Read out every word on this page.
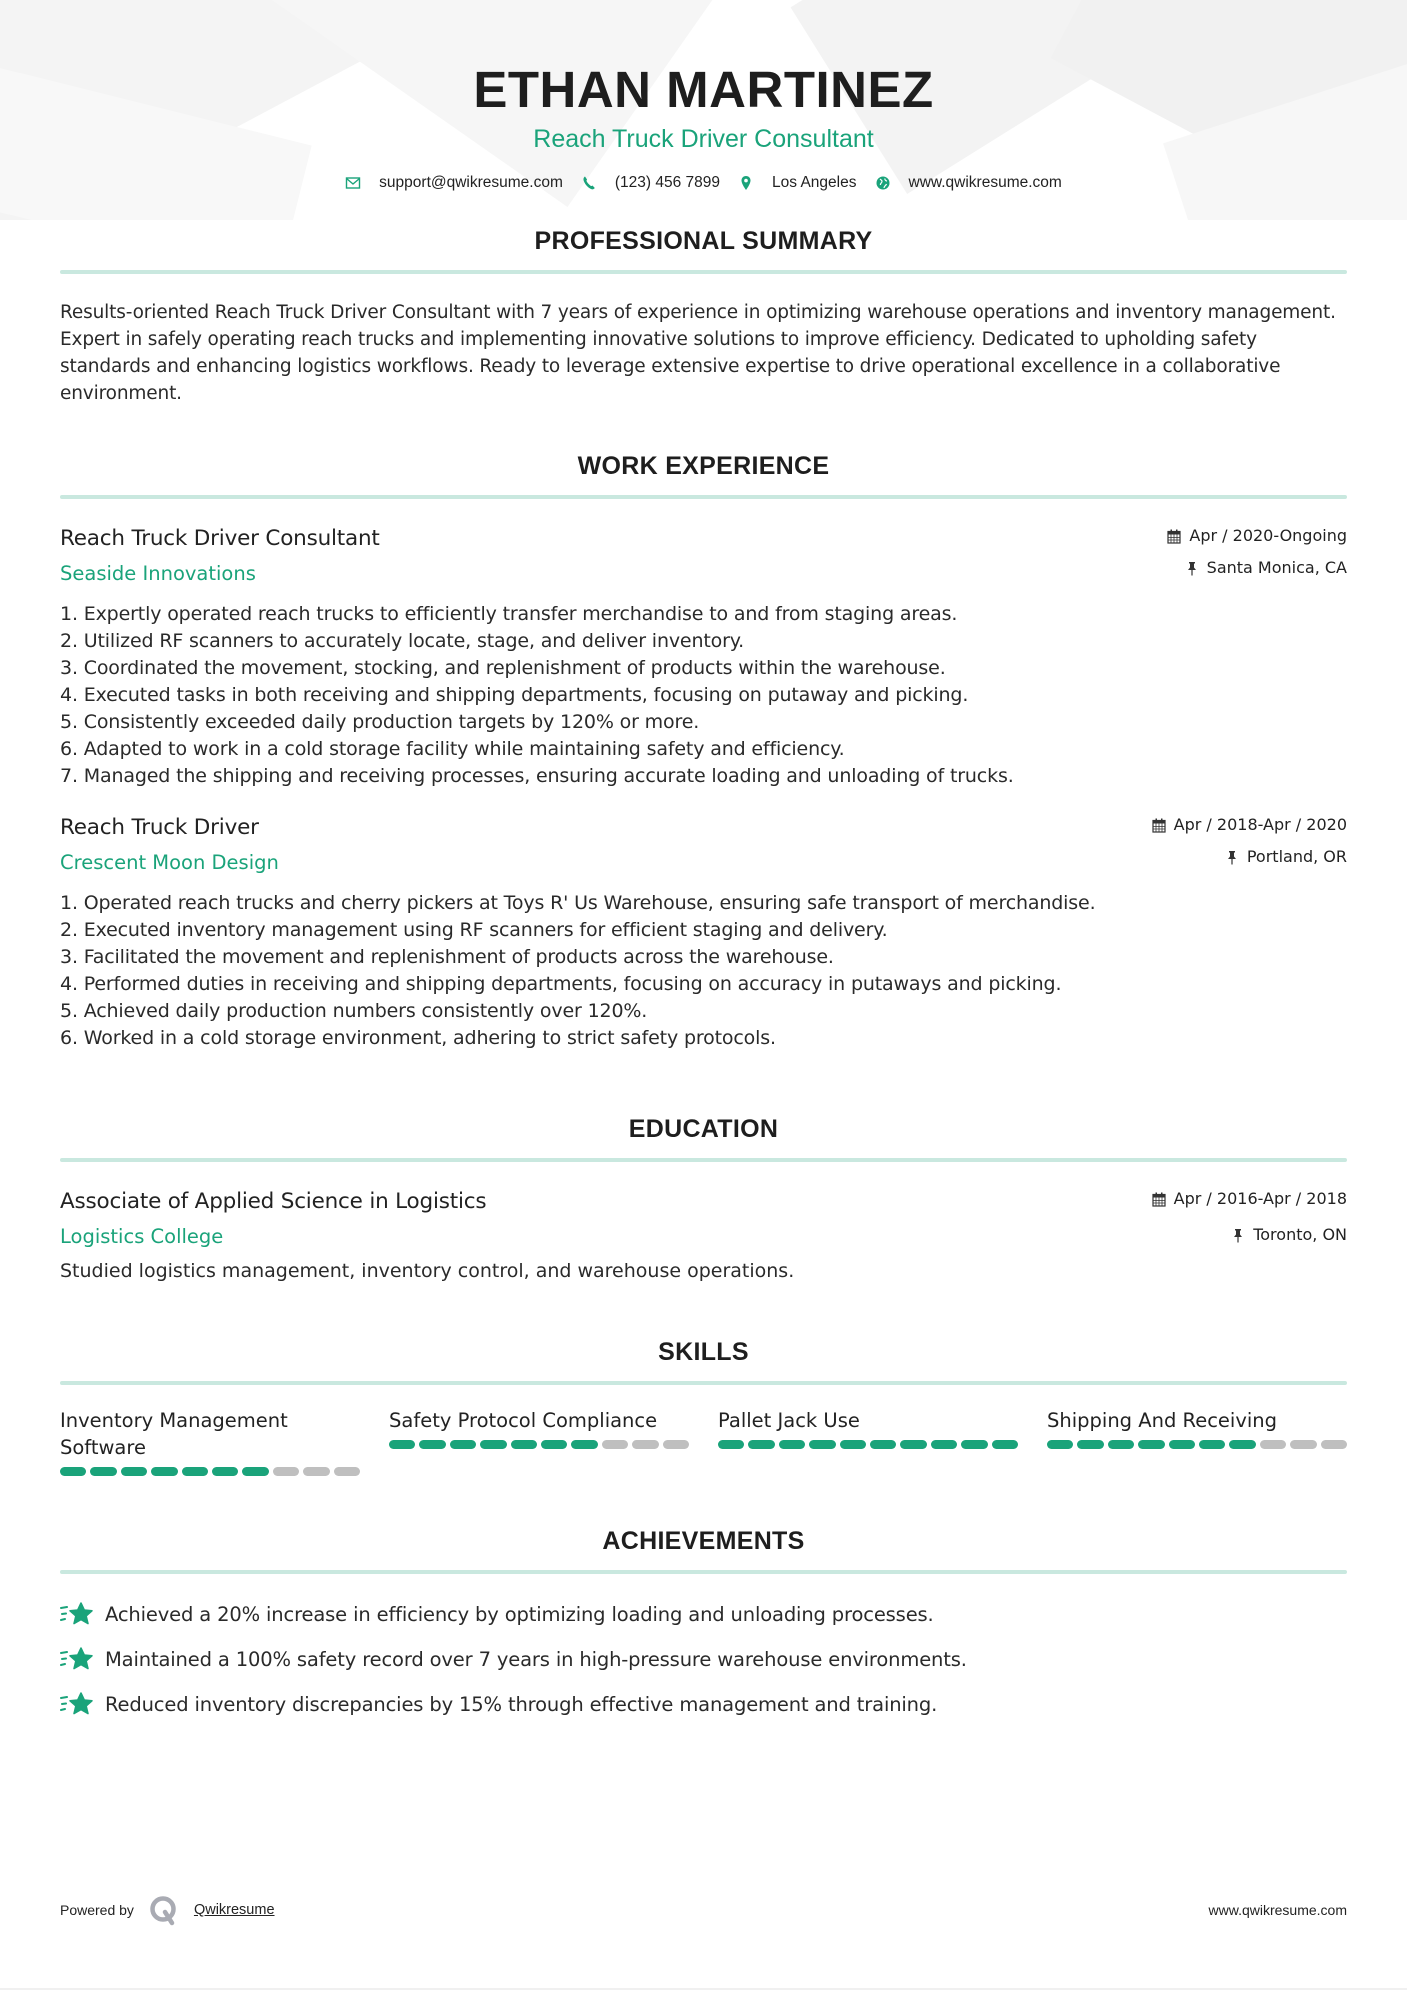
ETHAN MARTINEZ
Reach Truck Driver Consultant
support@qwikresume.com	(123) 456 7899	Los Angeles	www.qwikresume.com
PROFESSIONAL SUMMARY

Results-oriented Reach Truck Driver Consultant with 7 years of experience in optimizing warehouse operations and inventory management. Expert in safely operating reach trucks and implementing innovative solutions to improve efficiency. Dedicated to upholding safety standards and enhancing logistics workflows. Ready to leverage extensive expertise to drive operational excellence in a collaborative environment.

WORK EXPERIENCE
Reach Truck Driver Consultant
Seaside Innovations
Apr / 2020-Ongoing
Santa Monica, CA
1. Expertly operated reach trucks to efficiently transfer merchandise to and from staging areas.
2. Utilized RF scanners to accurately locate, stage, and deliver inventory.
3. Coordinated the movement, stocking, and replenishment of products within the warehouse.
4. Executed tasks in both receiving and shipping departments, focusing on putaway and picking.
5. Consistently exceeded daily production targets by 120% or more.
6. Adapted to work in a cold storage facility while maintaining safety and efficiency.
7. Managed the shipping and receiving processes, ensuring accurate loading and unloading of trucks.
Reach Truck Driver
Crescent Moon Design
Apr / 2018-Apr / 2020
Portland, OR
1. Operated reach trucks and cherry pickers at Toys R' Us Warehouse, ensuring safe transport of merchandise.
2. Executed inventory management using RF scanners for efficient staging and delivery.
3. Facilitated the movement and replenishment of products across the warehouse.
4. Performed duties in receiving and shipping departments, focusing on accuracy in putaways and picking.
5. Achieved daily production numbers consistently over 120%.
6. Worked in a cold storage environment, adhering to strict safety protocols.
EDUCATION
Associate of Applied Science in Logistics
Logistics College
Apr / 2016-Apr / 2018
Toronto, ON

Studied logistics management, inventory control, and warehouse operations.

SKILLS
Inventory Management Software
Safety Protocol Compliance	Pallet Jack Use	Shipping And Receiving
ACHIEVEMENTS
Achieved a 20% increase in efficiency by optimizing loading and unloading processes.
Maintained a 100% safety record over 7 years in high-pressure warehouse environments.
Reduced inventory discrepancies by 15% through effective management and training.
Powered by	Qwikresume	www.qwikresume.com
